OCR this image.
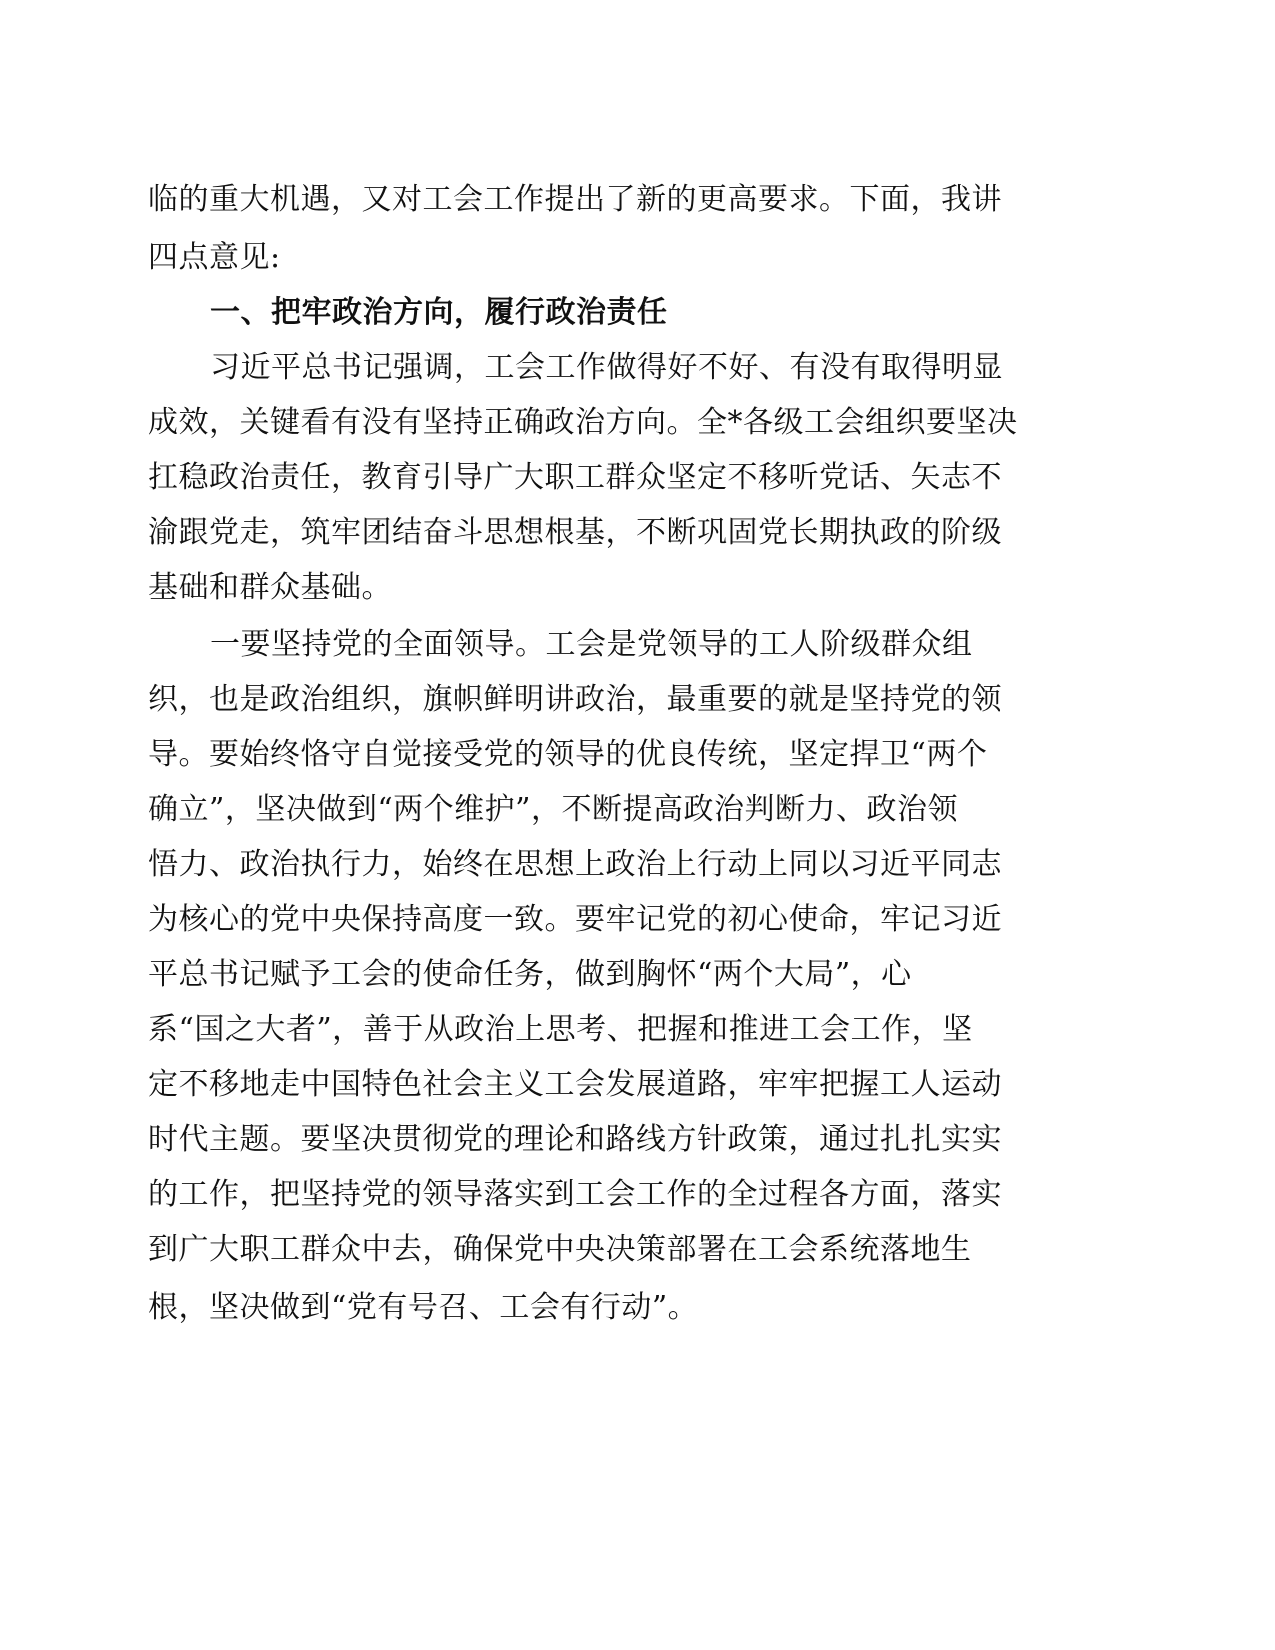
临的重大机遇，又对工会工作提出了新的更高要求。下面，我讲
四点意见:
一、把牢政治方向，履行政治责任
习近平总书记强调，工会工作做得好不好、有没有取得明显
成效，关键看有没有坚持正确政治方向。全*各级工会组织要坚决
扛稳政治责任，教育引导广大职工群众坚定不移听党话、矢志不
渝跟党走，筑牢团结奋斗思想根基，不断巩固党长期执政的阶级
基础和群众基础。
一要坚持党的全面领导。工会是党领导的工人阶级群众组
织，也是政治组织，旗帜鲜明讲政治，最重要的就是坚持党的领
导。要始终恪守自觉接受党的领导的优良传统，坚定捍卫“两个
确立”，坚决做到“两个维护”，不断提高政治判断力、政治领
悟力、政治执行力，始终在思想上政治上行动上同以习近平同志
为核心的党中央保持高度一致。要牢记党的初心使命，牢记习近
平总书记赋予工会的使命任务，做到胸怀“两个大局”，心
系“国之大者”，善于从政治上思考、把握和推进工会工作，坚
定不移地走中国特色社会主义工会发展道路，牢牢把握工人运动
时代主题。要坚决贯彻党的理论和路线方针政策，通过扎扎实实
的工作，把坚持党的领导落实到工会工作的全过程各方面，落实
到广大职工群众中去，确保党中央决策部署在工会系统落地生
根，坚决做到“党有号召、工会有行动”。
